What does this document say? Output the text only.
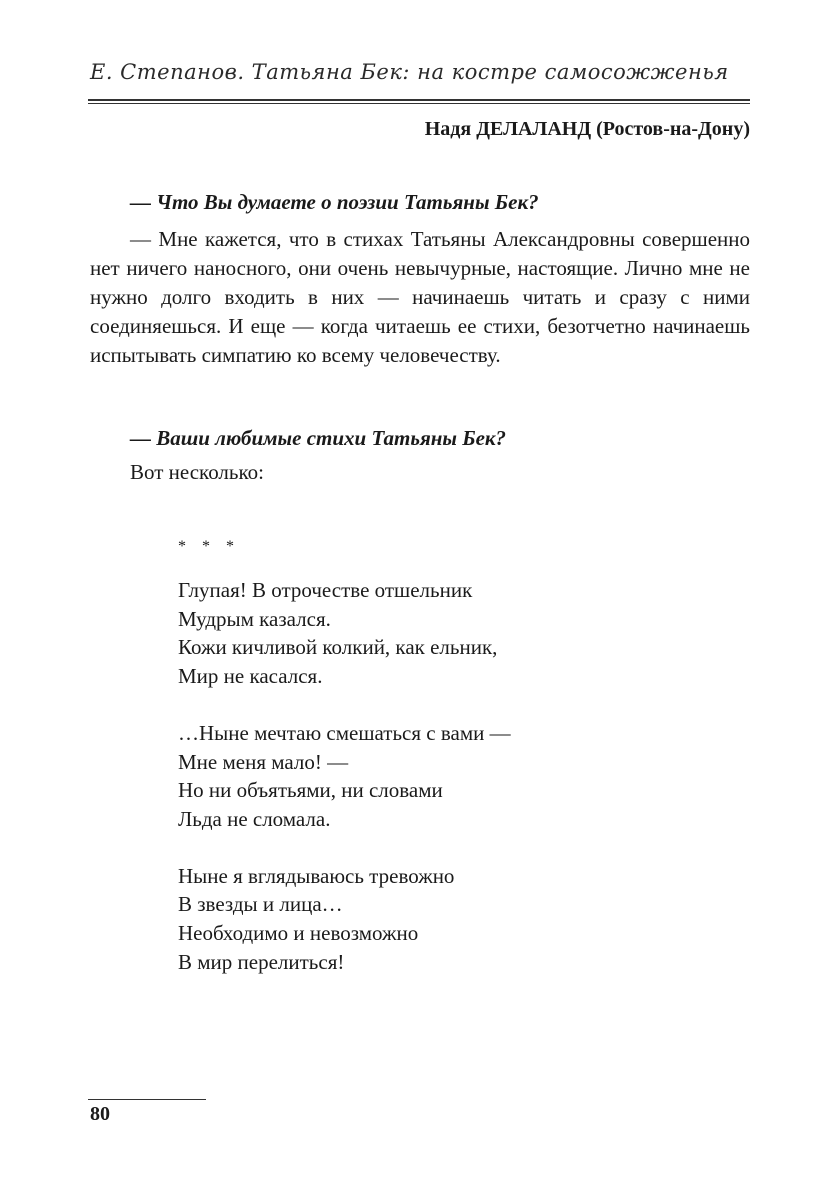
Е. Степанов. Татьяна Бек: на костре самосожженья
Надя ДЕЛАЛАНД (Ростов-на-Дону)
— Что Вы думаете о поэзии Татьяны Бек?
— Мне кажется, что в стихах Татьяны Александровны совершенно нет ничего наносного, они очень невычурные, настоящие. Лично мне не нужно долго входить в них — начинаешь читать и сразу с ними соединяешься. И еще — когда читаешь ее стихи, безотчетно начинаешь испытывать симпатию ко всему человечеству.
— Ваши любимые стихи Татьяны Бек?
Вот несколько:
* * *
Глупая! В отрочестве отшельник
Мудрым казался.
Кожи кичливой колкий, как ельник,
Мир не касался.
…Ныне мечтаю смешаться с вами —
Мне меня мало! —
Но ни объятьями, ни словами
Льда не сломала.
Ныне я вглядываюсь тревожно
В звезды и лица…
Необходимо и невозможно
В мир перелиться!
80
